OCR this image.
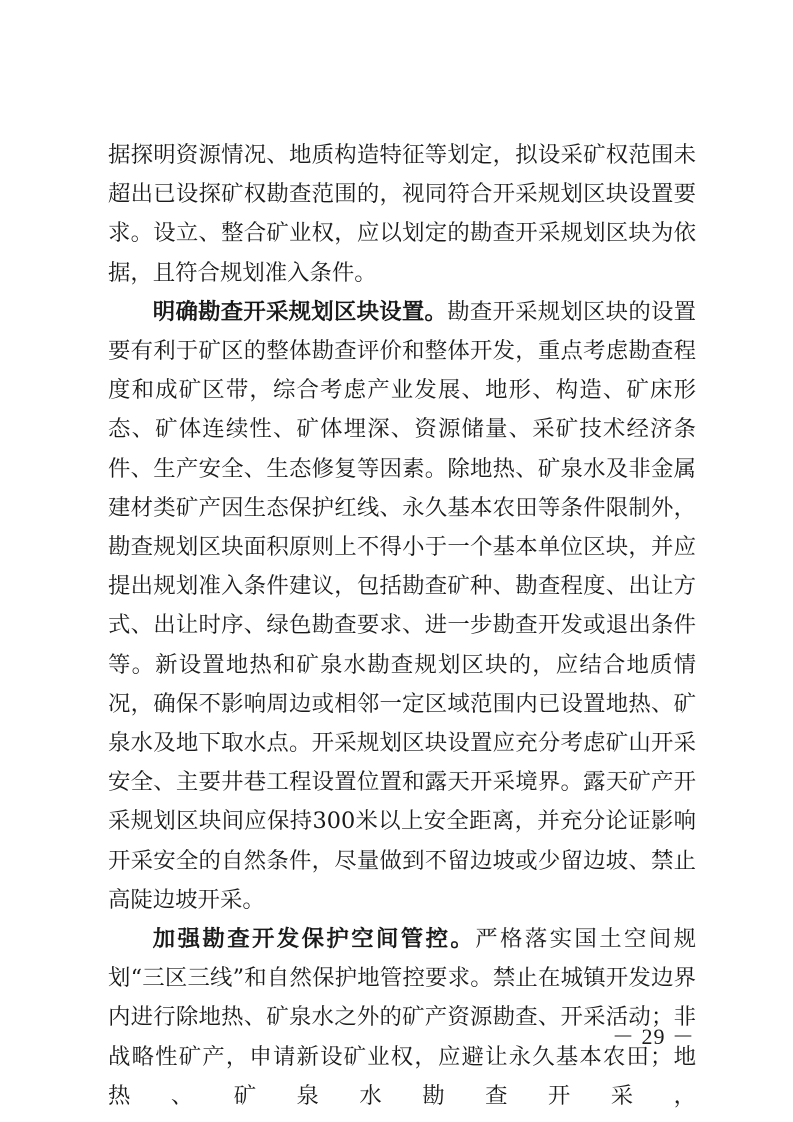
据探明资源情况、地质构造特征等划定，拟设采矿权范围未超出已设探矿权勘查范围的，视同符合开采规划区块设置要求。设立、整合矿业权，应以划定的勘查开采规划区块为依据，且符合规划准入条件。

明确勘查开采规划区块设置。勘查开采规划区块的设置要有利于矿区的整体勘查评价和整体开发，重点考虑勘查程度和成矿区带，综合考虑产业发展、地形、构造、矿床形态、矿体连续性、矿体埋深、资源储量、采矿技术经济条件、生产安全、生态修复等因素。除地热、矿泉水及非金属建材类矿产因生态保护红线、永久基本农田等条件限制外，勘查规划区块面积原则上不得小于一个基本单位区块，并应提出规划准入条件建议，包括勘查矿种、勘查程度、出让方式、出让时序、绿色勘查要求、进一步勘查开发或退出条件等。新设置地热和矿泉水勘查规划区块的，应结合地质情况，确保不影响周边或相邻一定区域范围内已设置地热、矿泉水及地下取水点。开采规划区块设置应充分考虑矿山开采安全、主要井巷工程设置位置和露天开采境界。露天矿产开采规划区块间应保持300米以上安全距离，并充分论证影响开采安全的自然条件，尽量做到不留边坡或少留边坡、禁止高陡边坡开采。

加强勘查开发保护空间管控。严格落实国土空间规划“三区三线”和自然保护地管控要求。禁止在城镇开发边界内进行除地热、矿泉水之外的矿产资源勘查、开采活动；非战略性矿产，申请新设矿业权，应避让永久基本农田；地热、矿泉水勘查开采，

－ 29 －
